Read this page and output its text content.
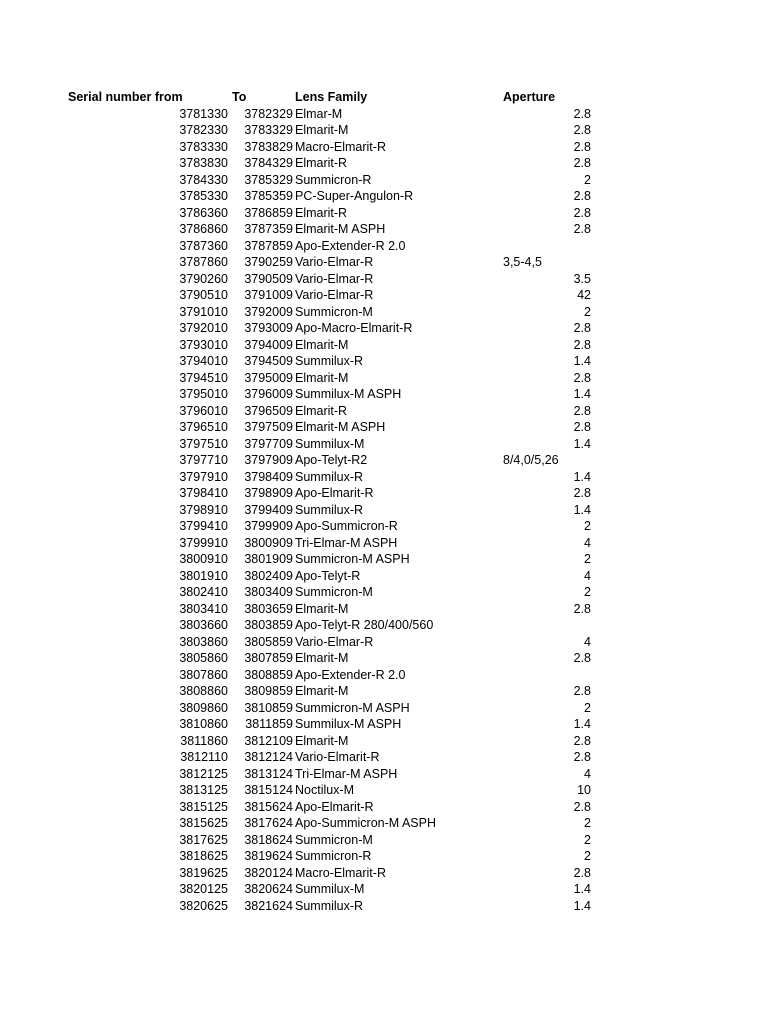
Serial number from	To	Lens Family	Aperture
3781330 3782329 Elmar-M	2.8
3782330 3783329 Elmarit-M	2.8
3783330 3783829 Macro-Elmarit-R	2.8
3783830 3784329 Elmarit-R	2.8
3784330 3785329 Summicron-R	2
3785330 3785359 PC-Super-Angulon-R	2.8
3786360 3786859 Elmarit-R	2.8
3786860 3787359 Elmarit-M ASPH	2.8
3787360 3787859 Apo-Extender-R 2.0
3787860 3790259 Vario-Elmar-R	3,5-4,5
3790260 3790509 Vario-Elmar-R	3.5
3790510 3791009 Vario-Elmar-R	42
3791010 3792009 Summicron-M	2
3792010 3793009 Apo-Macro-Elmarit-R	2.8
3793010 3794009 Elmarit-M	2.8
3794010 3794509 Summilux-R	1.4
3794510 3795009 Elmarit-M	2.8
3795010 3796009 Summilux-M ASPH	1.4
3796010 3796509 Elmarit-R	2.8
3796510 3797509 Elmarit-M ASPH	2.8
3797510 3797709 Summilux-M	1.4
3797710 3797909 Apo-Telyt-R2	8/4,0/5,26
3797910 3798409 Summilux-R	1.4
3798410 3798909 Apo-Elmarit-R	2.8
3798910 3799409 Summilux-R	1.4
3799410 3799909 Apo-Summicron-R	2
3799910 3800909 Tri-Elmar-M ASPH	4
3800910 3801909 Summicron-M ASPH	2
3801910 3802409 Apo-Telyt-R	4
3802410 3803409 Summicron-M	2
3803410 3803659 Elmarit-M	2.8
3803660 3803859 Apo-Telyt-R 280/400/560
3803860 3805859 Vario-Elmar-R	4
3805860 3807859 Elmarit-M	2.8
3807860 3808859 Apo-Extender-R 2.0
3808860 3809859 Elmarit-M	2.8
3809860 3810859 Summicron-M ASPH	2
3810860 3811859 Summilux-M ASPH	1.4
3811860 3812109 Elmarit-M	2.8
3812110 3812124 Vario-Elmarit-R	2.8
3812125 3813124 Tri-Elmar-M ASPH	4
3813125 3815124 Noctilux-M	10
3815125 3815624 Apo-Elmarit-R	2.8
3815625 3817624 Apo-Summicron-M ASPH	2
3817625 3818624 Summicron-M	2
3818625 3819624 Summicron-R	2
3819625 3820124 Macro-Elmarit-R	2.8
3820125 3820624 Summilux-M	1.4
3820625 3821624 Summilux-R	1.4
